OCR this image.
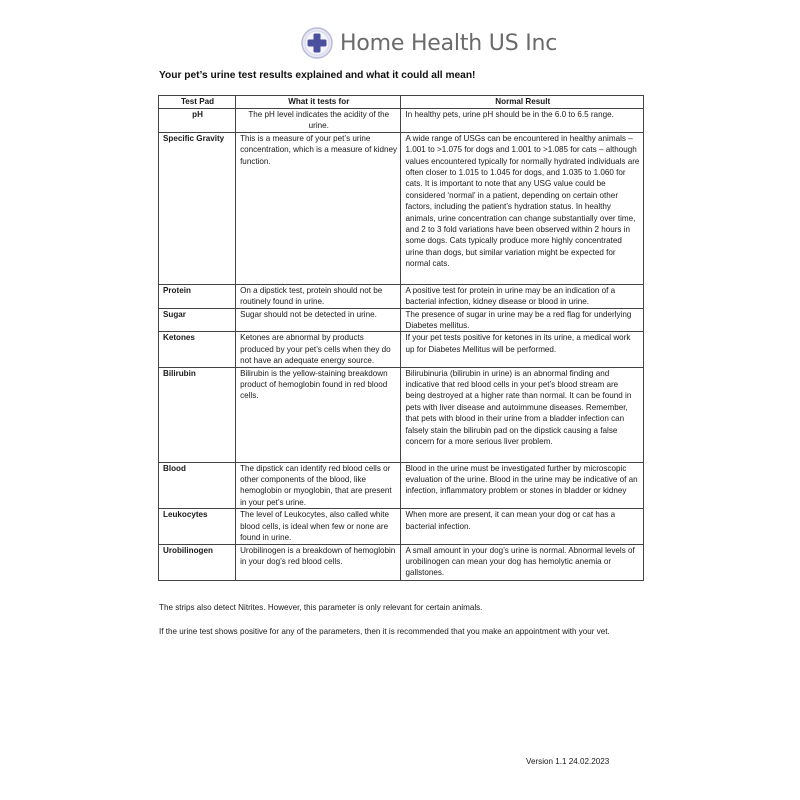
Home Health US Inc
Your pet’s urine test results explained and what it could all mean!
Test Pad	What it tests for	Normal Result
pH	The pH level indicates the acidity of the urine.	In healthy pets, urine pH should be in the 6.0 to 6.5 range.
Specific Gravity	This is a measure of your pet’s urine concentration, which is a measure of kidney function.	A wide range of USGs can be encountered in healthy animals – 1.001 to >1.075 for dogs and 1.001 to >1.085 for cats – although values encountered typically for normally hydrated individuals are often closer to 1.015 to 1.045 for dogs, and 1.035 to 1.060 for cats. It is important to note that any USG value could be considered ‘normal’ in a patient, depending on certain other factors, including the patient’s hydration status. In healthy animals, urine concentration can change substantially over time, and 2 to 3 fold variations have been observed within 2 hours in some dogs. Cats typically produce more highly concentrated urine than dogs, but similar variation might be expected for normal cats.
Protein	On a dipstick test, protein should not be routinely found in urine.	A positive test for protein in urine may be an indication of a bacterial infection, kidney disease or blood in urine.
Sugar	Sugar should not be detected in urine.	The presence of sugar in urine may be a red flag for underlying Diabetes mellitus.
Ketones	Ketones are abnormal by products produced by your pet’s cells when they do not have an adequate energy source.	If your pet tests positive for ketones in its urine, a medical work up for Diabetes Mellitus will be performed.
Bilirubin	Bilirubin is the yellow-staining breakdown product of hemoglobin found in red blood cells.	Bilirubinuria (bilirubin in urine) is an abnormal finding and indicative that red blood cells in your pet’s blood stream are being destroyed at a higher rate than normal. It can be found in pets with liver disease and autoimmune diseases. Remember, that pets with blood in their urine from a bladder infection can falsely stain the bilirubin pad on the dipstick causing a false concern for a more serious liver problem.
Blood	The dipstick can identify red blood cells or other components of the blood, like hemoglobin or myoglobin, that are present in your pet’s urine.	Blood in the urine must be investigated further by microscopic evaluation of the urine. Blood in the urine may be indicative of an infection, inflammatory problem or stones in bladder or kidney
Leukocytes	The level of Leukocytes, also called white blood cells, is ideal when few or none are found in urine.	When more are present, it can mean your dog or cat has a bacterial infection.
Urobilinogen	Urobilinogen is a breakdown of hemoglobin in your dog’s red blood cells.	A small amount in your dog’s urine is normal. Abnormal levels of urobilinogen can mean your dog has hemolytic anemia or gallstones.
The strips also detect Nitrites. However, this parameter is only relevant for certain animals.
If the urine test shows positive for any of the parameters, then it is recommended that you make an appointment with your vet.
Version 1.1 24.02.2023
